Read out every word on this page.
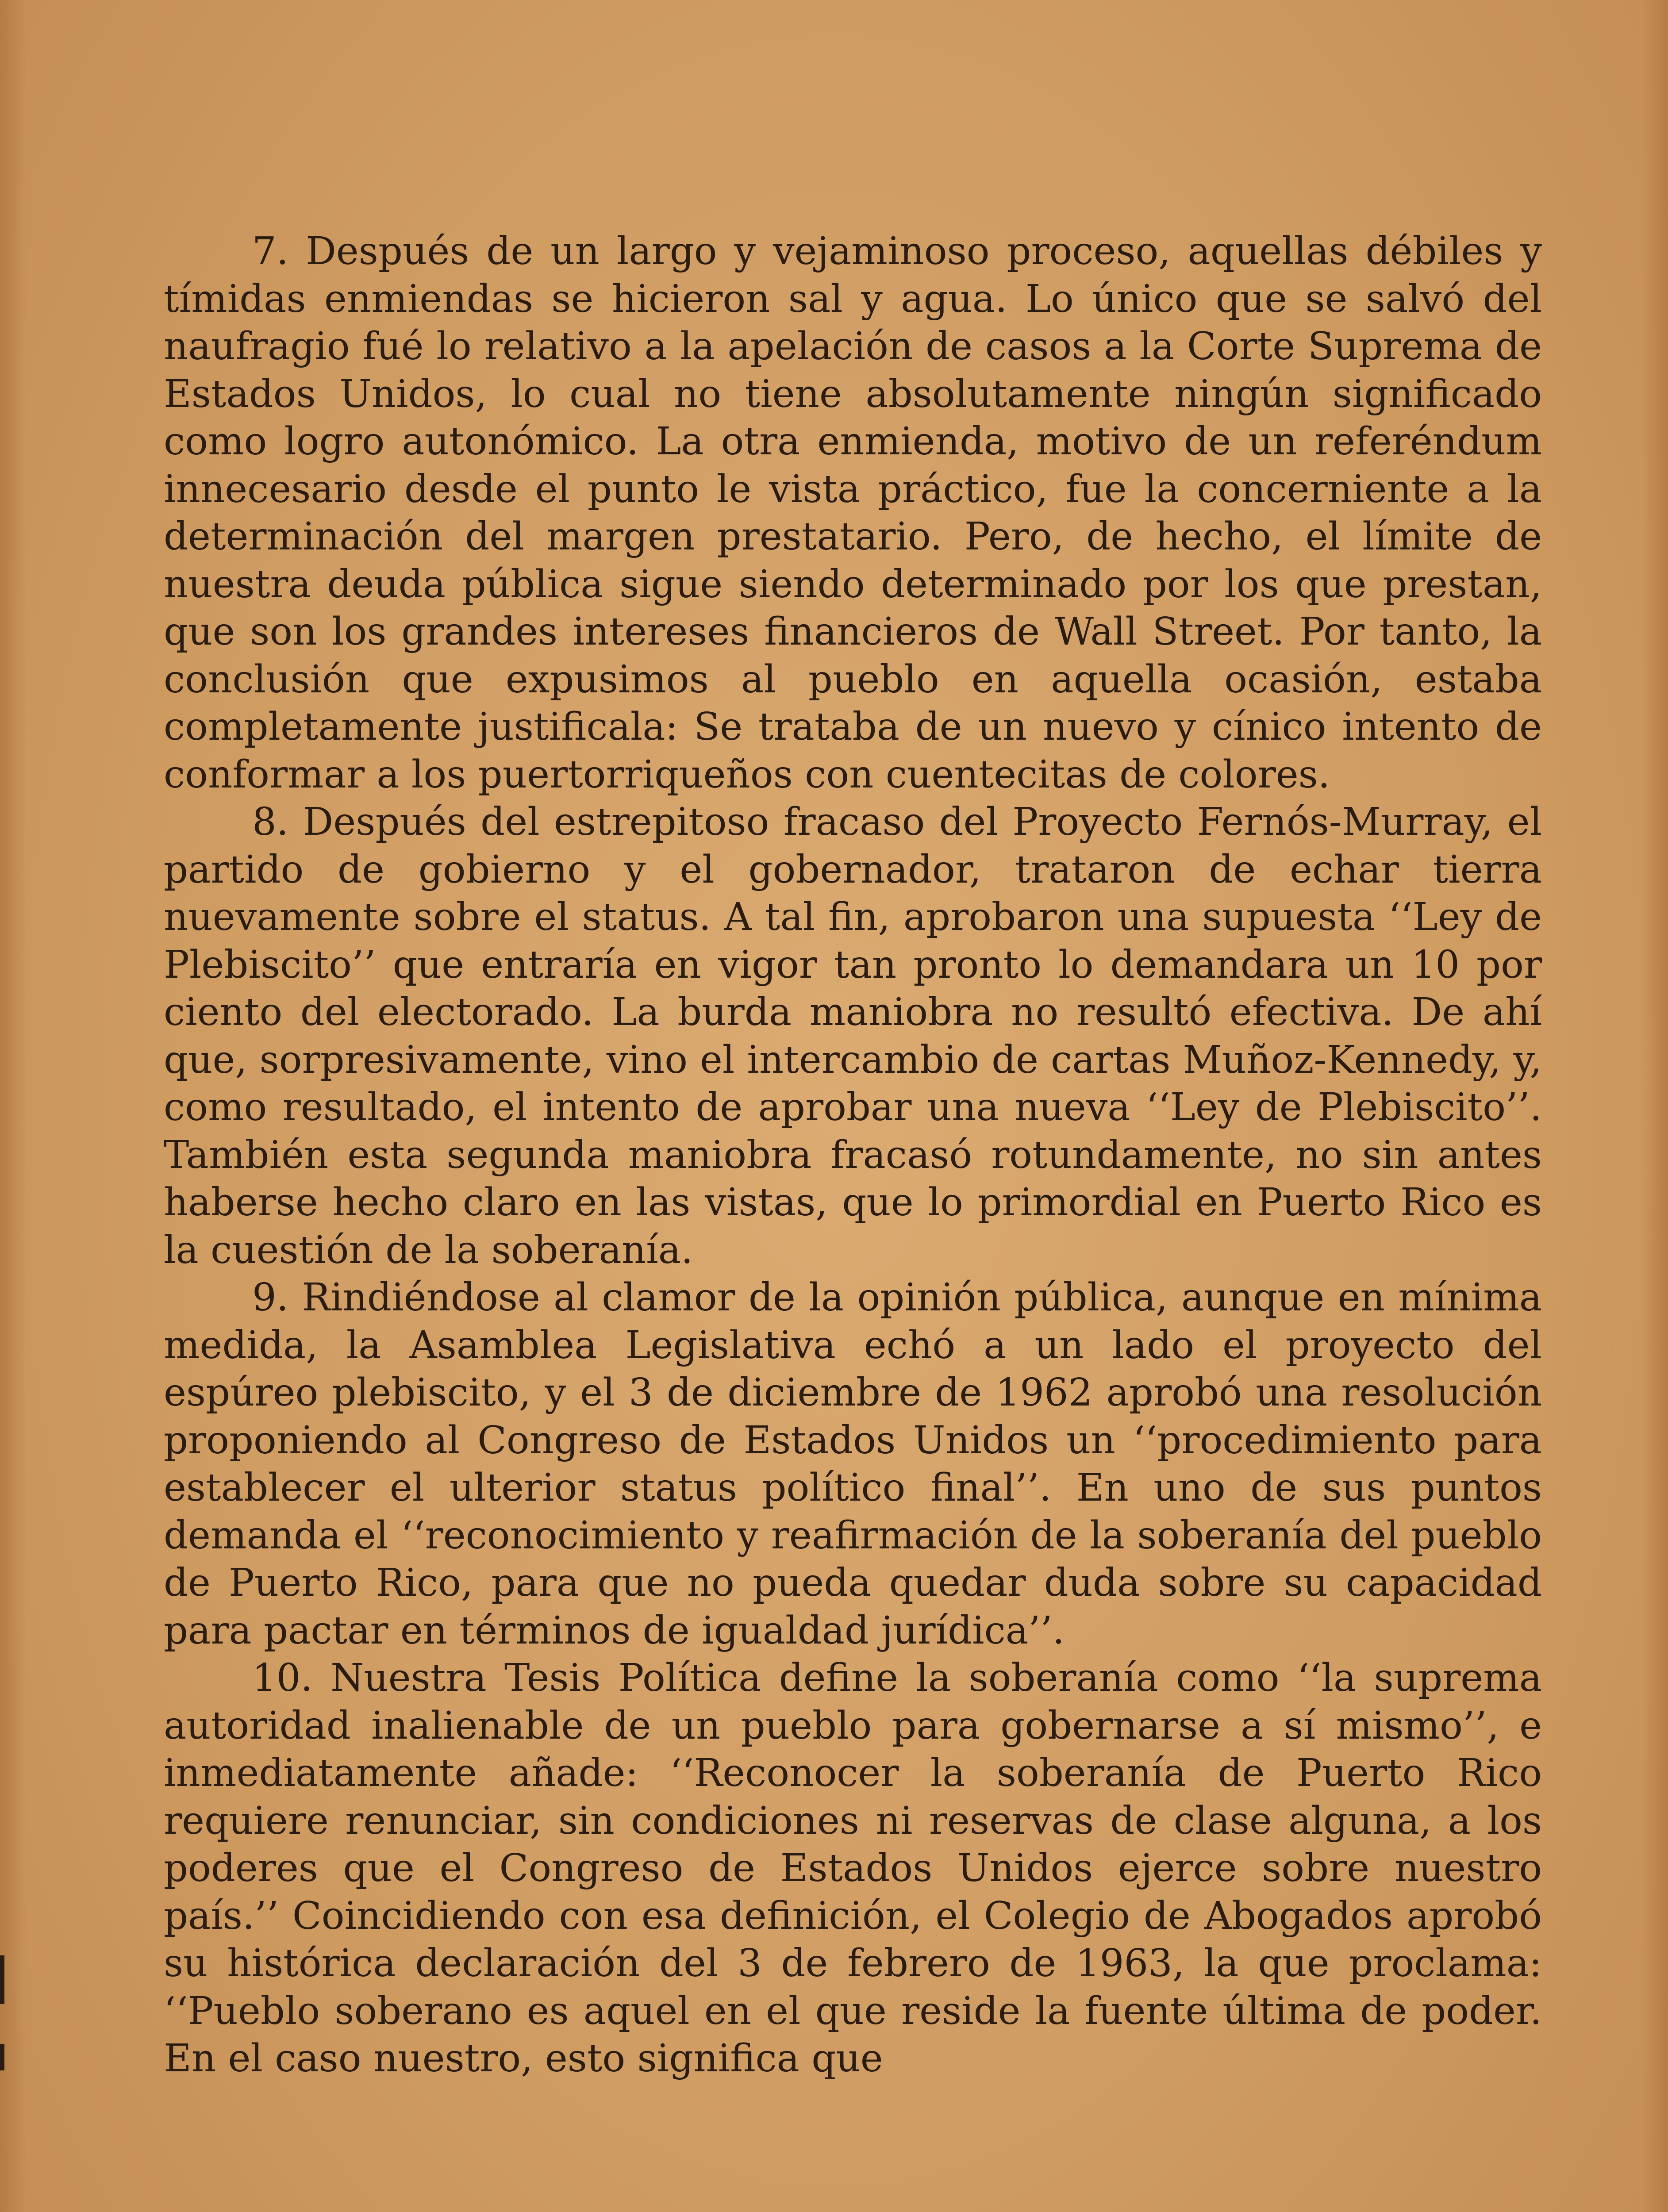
7. Después de un largo y vejaminoso proceso, aquellas débiles y tímidas enmiendas se hicieron sal y agua. Lo único que se salvó del naufragio fué lo relativo a la apelación de casos a la Corte Suprema de Estados Unidos, lo cual no tiene absolutamente ningún significado como logro autonómico. La otra enmienda, motivo de un referéndum innecesario desde el punto le vista práctico, fue la concerniente a la determinación del margen prestatario. Pero, de hecho, el límite de nuestra deuda pública sigue siendo determinado por los que prestan, que son los grandes intereses financieros de Wall Street. Por tanto, la conclusión que expusimos al pueblo en aquella ocasión, estaba completamente justificala: Se trataba de un nuevo y cínico intento de conformar a los puertorriqueños con cuentecitas de colores.

8. Después del estrepitoso fracaso del Proyecto Fernós-Murray, el partido de gobierno y el gobernador, trataron de echar tierra nuevamente sobre el status. A tal fin, aprobaron una supuesta ‘‘Ley de Plebiscito’’ que entraría en vigor tan pronto lo demandara un 10 por ciento del electorado. La burda maniobra no resultó efectiva. De ahí que, sorpresivamente, vino el intercambio de cartas Muñoz-Kennedy, y, como resultado, el intento de aprobar una nueva ‘‘Ley de Plebiscito’’. También esta segunda maniobra fracasó rotundamente, no sin antes haberse hecho claro en las vistas, que lo primordial en Puerto Rico es la cuestión de la soberanía.

9. Rindiéndose al clamor de la opinión pública, aunque en mínima medida, la Asamblea Legislativa echó a un lado el proyecto del espúreo plebiscito, y el 3 de diciembre de 1962 aprobó una resolución proponiendo al Congreso de Estados Unidos un ‘‘procedimiento para establecer el ulterior status político final’’. En uno de sus puntos demanda el ‘‘reconocimiento y reafirmación de la soberanía del pueblo de Puerto Rico, para que no pueda quedar duda sobre su capacidad para pactar en términos de igualdad jurídica’’.

10. Nuestra Tesis Política define la soberanía como ‘‘la suprema autoridad inalienable de un pueblo para gobernarse a sí mismo’’, e inmediatamente añade: ‘‘Reconocer la soberanía de Puerto Rico requiere renunciar, sin condiciones ni reservas de clase alguna, a los poderes que el Congreso de Estados Unidos ejerce sobre nuestro país.’’ Coincidiendo con esa definición, el Colegio de Abogados aprobó su histórica declaración del 3 de febrero de 1963, la que proclama: ‘‘Pueblo soberano es aquel en el que reside la fuente última de poder. En el caso nuestro, esto significa que
